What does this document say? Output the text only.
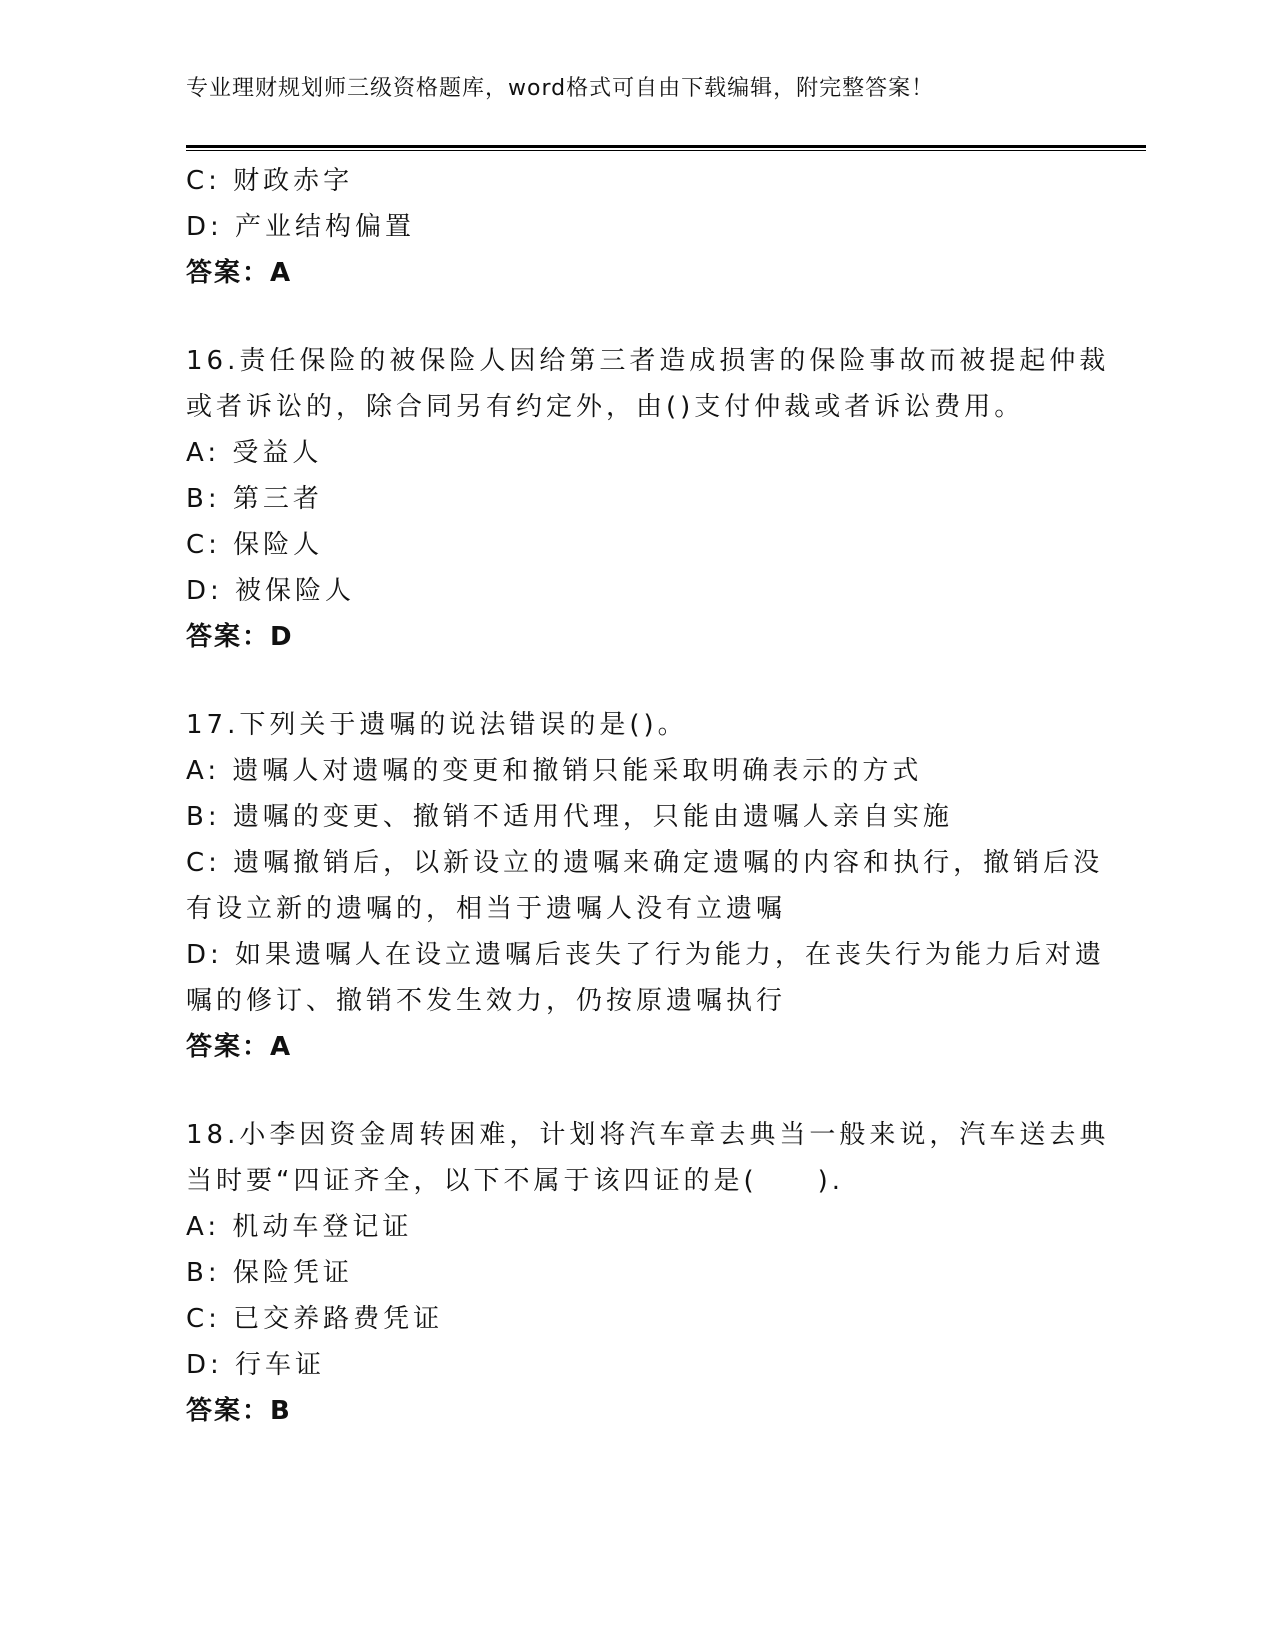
专业理财规划师三级资格题库，word格式可自由下载编辑，附完整答案！
C: 财政赤字
D: 产业结构偏置
答案：A
16.责任保险的被保险人因给第三者造成损害的保险事故而被提起仲裁
或者诉讼的，除合同另有约定外，由()支付仲裁或者诉讼费用。
A: 受益人
B: 第三者
C: 保险人
D: 被保险人
答案：D
17.下列关于遗嘱的说法错误的是()。
A: 遗嘱人对遗嘱的变更和撤销只能采取明确表示的方式
B: 遗嘱的变更、撤销不适用代理，只能由遗嘱人亲自实施
C: 遗嘱撤销后，以新设立的遗嘱来确定遗嘱的内容和执行，撤销后没
有设立新的遗嘱的，相当于遗嘱人没有立遗嘱
D: 如果遗嘱人在设立遗嘱后丧失了行为能力，在丧失行为能力后对遗
嘱的修订、撤销不发生效力，仍按原遗嘱执行
答案：A
18.小李因资金周转困难，计划将汽车章去典当一般来说，汽车送去典
当时要“四证齐全，以下不属于该四证的是(　　).
A: 机动车登记证
B: 保险凭证
C: 已交养路费凭证
D: 行车证
答案：B
